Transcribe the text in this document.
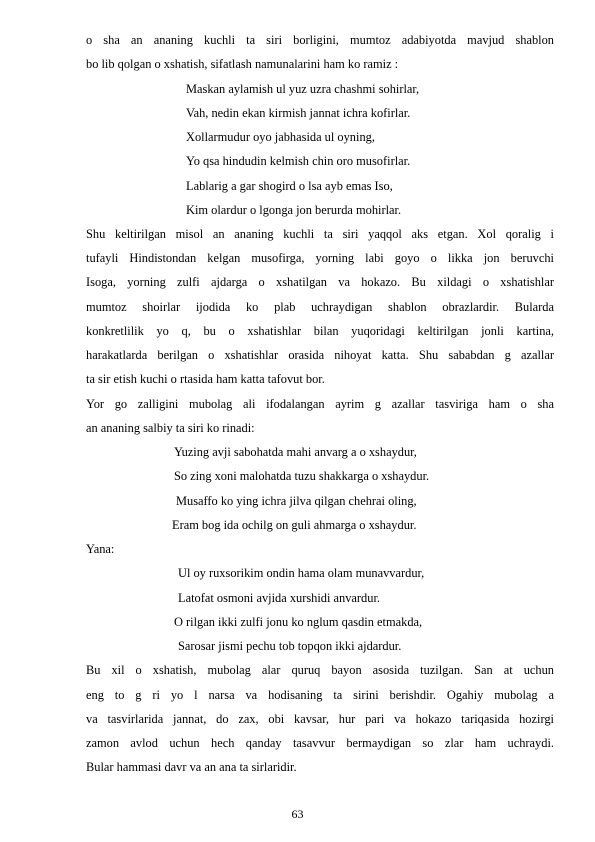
63
o sha an ananing kuchli ta siri borligini, mumtoz adabiyotda mavjud shablon
bo lib qolgan o xshatish, sifatlash namunalarini ham ko ramiz :
Maskan aylamish ul yuz uzra chashmi sohirlar,
Vah, nedin ekan kirmish jannat ichra kofirlar.
Xollarmudur oyo jabhasida ul oyning,
Yo qsa hindudin kelmish chin oro musofirlar.
Lablarig a gar shogird o lsa ayb emas Iso,
Kim olardur o lgonga jon berurda mohirlar.
Shu keltirilgan misol an ananing kuchli ta siri yaqqol aks etgan. Xol qoralig i
tufayli Hindistondan kelgan musofirga, yorning labi goyo o likka jon beruvchi
Isoga, yorning zulfi ajdarga o xshatilgan va hokazo. Bu xildagi o xshatishlar
mumtoz shoirlar ijodida ko plab uchraydigan shablon obrazlardir. Bularda
konkretlilik yo q, bu o xshatishlar bilan yuqoridagi keltirilgan jonli kartina,
harakatlarda berilgan o xshatishlar orasida nihoyat katta. Shu sababdan g azallar
ta sir etish kuchi o rtasida ham katta tafovut bor.
Yor go zalligini mubolag ali ifodalangan ayrim g azallar tasviriga ham o sha
an ananing salbiy ta siri ko rinadi:
Yuzing avji sabohatda mahi anvarg a o xshaydur,
So zing xoni malohatda tuzu shakkarga o xshaydur.
Musaffo ko ying ichra jilva qilgan chehrai oling,
Eram bog ida ochilg on guli ahmarga o xshaydur.
Yana:
Ul oy ruxsorikim ondin hama olam munavvardur,
Latofat osmoni avjida xurshidi anvardur.
O rilgan ikki zulfi jonu ko nglum qasdin etmakda,
Sarosar jismi pechu tob topqon ikki ajdardur.
Bu xil o xshatish, mubolag alar quruq bayon asosida tuzilgan. San at uchun
eng to g ri yo l narsa va hodisaning ta sirini berishdir. Ogahiy mubolag a
va tasvirlarida jannat, do zax, obi kavsar, hur pari va hokazo tariqasida hozirgi
zamon avlod uchun hech qanday tasavvur bermaydigan so zlar ham uchraydi.
Bular hammasi davr va an ana ta sirlaridir.
